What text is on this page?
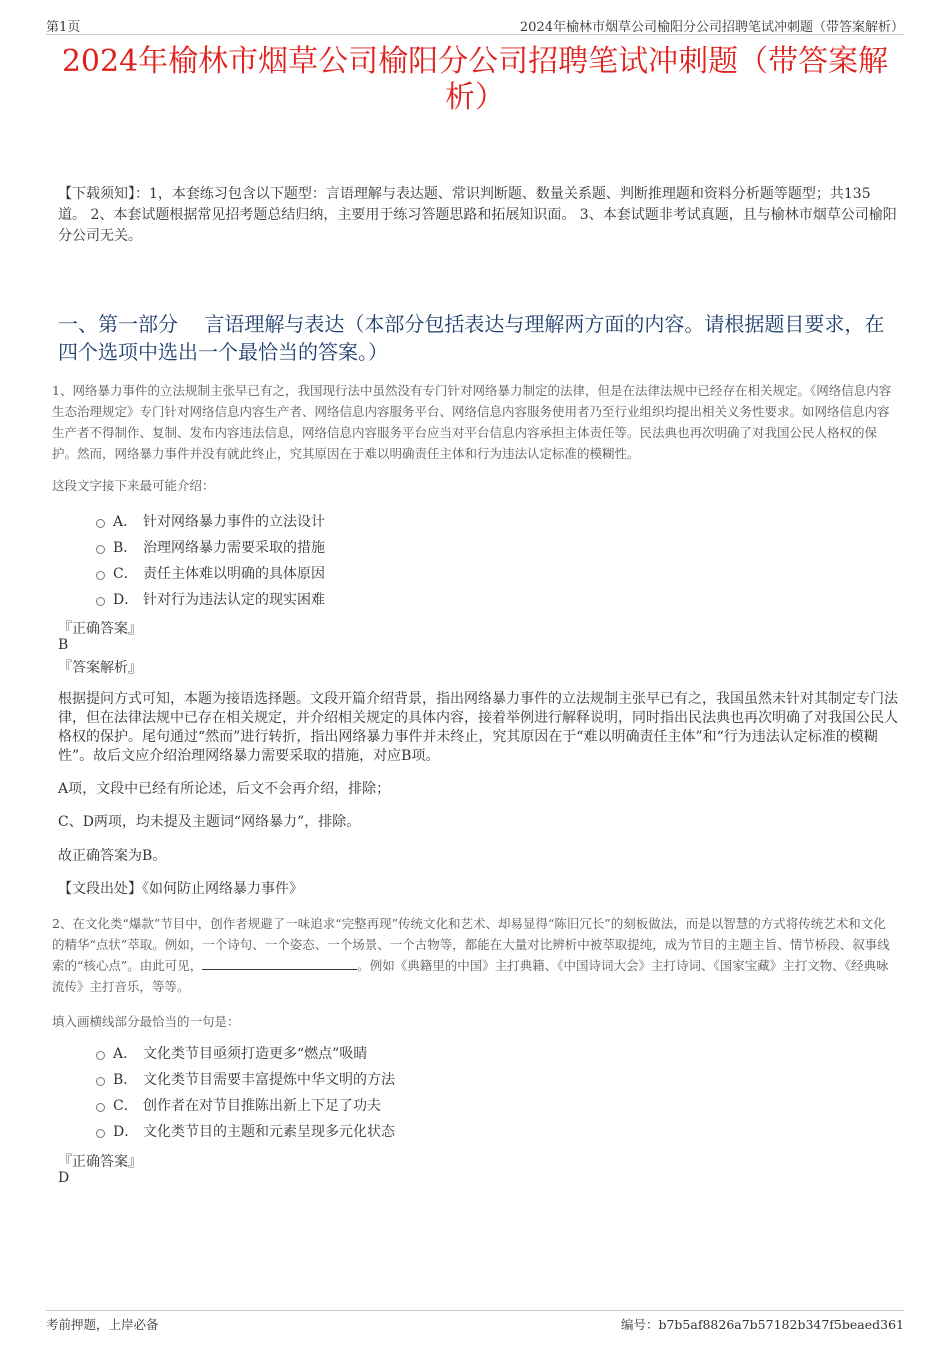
第1页	2024年榆林市烟草公司榆阳分公司招聘笔试冲刺题（带答案解析）
2024年榆林市烟草公司榆阳分公司招聘笔试冲刺题（带答案解析）
【下载须知】：1，本套练习包含以下题型：言语理解与表达题、常识判断题、数量关系题、判断推理题和资料分析题等题型；共135道。 2、本套试题根据常见招考题总结归纳，主要用于练习答题思路和拓展知识面。 3、本套试题非考试真题，且与榆林市烟草公司榆阳分公司无关。
一、第一部分　 言语理解与表达（本部分包括表达与理解两方面的内容。请根据题目要求，在四个选项中选出一个最恰当的答案。）
1、网络暴力事件的立法规制主张早已有之，我国现行法中虽然没有专门针对网络暴力制定的法律，但是在法律法规中已经存在相关规定。《网络信息内容生态治理规定》专门针对网络信息内容生产者、网络信息内容服务平台、网络信息内容服务使用者乃至行业组织均提出相关义务性要求。如网络信息内容生产者不得制作、复制、发布内容违法信息，网络信息内容服务平台应当对平台信息内容承担主体责任等。民法典也再次明确了对我国公民人格权的保护。然而，网络暴力事件并没有就此终止，究其原因在于难以明确责任主体和行为违法认定标准的模糊性。
这段文字接下来最可能介绍：
A． 针对网络暴力事件的立法设计
B． 治理网络暴力需要采取的措施
C． 责任主体难以明确的具体原因
D． 针对行为违法认定的现实困难
『正确答案』
B
『答案解析』
根据提问方式可知，本题为接语选择题。文段开篇介绍背景，指出网络暴力事件的立法规制主张早已有之，我国虽然未针对其制定专门法律，但在法律法规中已存在相关规定，并介绍相关规定的具体内容，接着举例进行解释说明，同时指出民法典也再次明确了对我国公民人格权的保护。尾句通过“然而”进行转折，指出网络暴力事件并未终止，究其原因在于“难以明确责任主体”和“行为违法认定标准的模糊性”。故后文应介绍治理网络暴力需要采取的措施，对应B项。
A项，文段中已经有所论述，后文不会再介绍，排除；
C、D两项，均未提及主题词“网络暴力”，排除。
故正确答案为B。
【文段出处】《如何防止网络暴力事件》
2、在文化类“爆款”节目中，创作者规避了一味追求“完整再现”传统文化和艺术、却易显得“陈旧冗长”的刻板做法，而是以智慧的方式将传统艺术和文化的精华“点状”萃取。例如，一个诗句、一个姿态、一个场景、一个古物等，都能在大量对比辨析中被萃取提纯，成为节目的主题主旨、情节桥段、叙事线索的“核心点”。由此可见，	。例如《典籍里的中国》主打典籍、《中国诗词大会》主打诗词、《国家宝藏》主打文物、《经典咏流传》主打音乐，等等。
填入画横线部分最恰当的一句是：
A． 文化类节目亟须打造更多“燃点”吸睛
B． 文化类节目需要丰富提炼中华文明的方法
C． 创作者在对节目推陈出新上下足了功夫
D． 文化类节目的主题和元素呈现多元化状态
『正确答案』
D
考前押题，上岸必备	编号：b7b5af8826a7b57182b347f5beaed361
